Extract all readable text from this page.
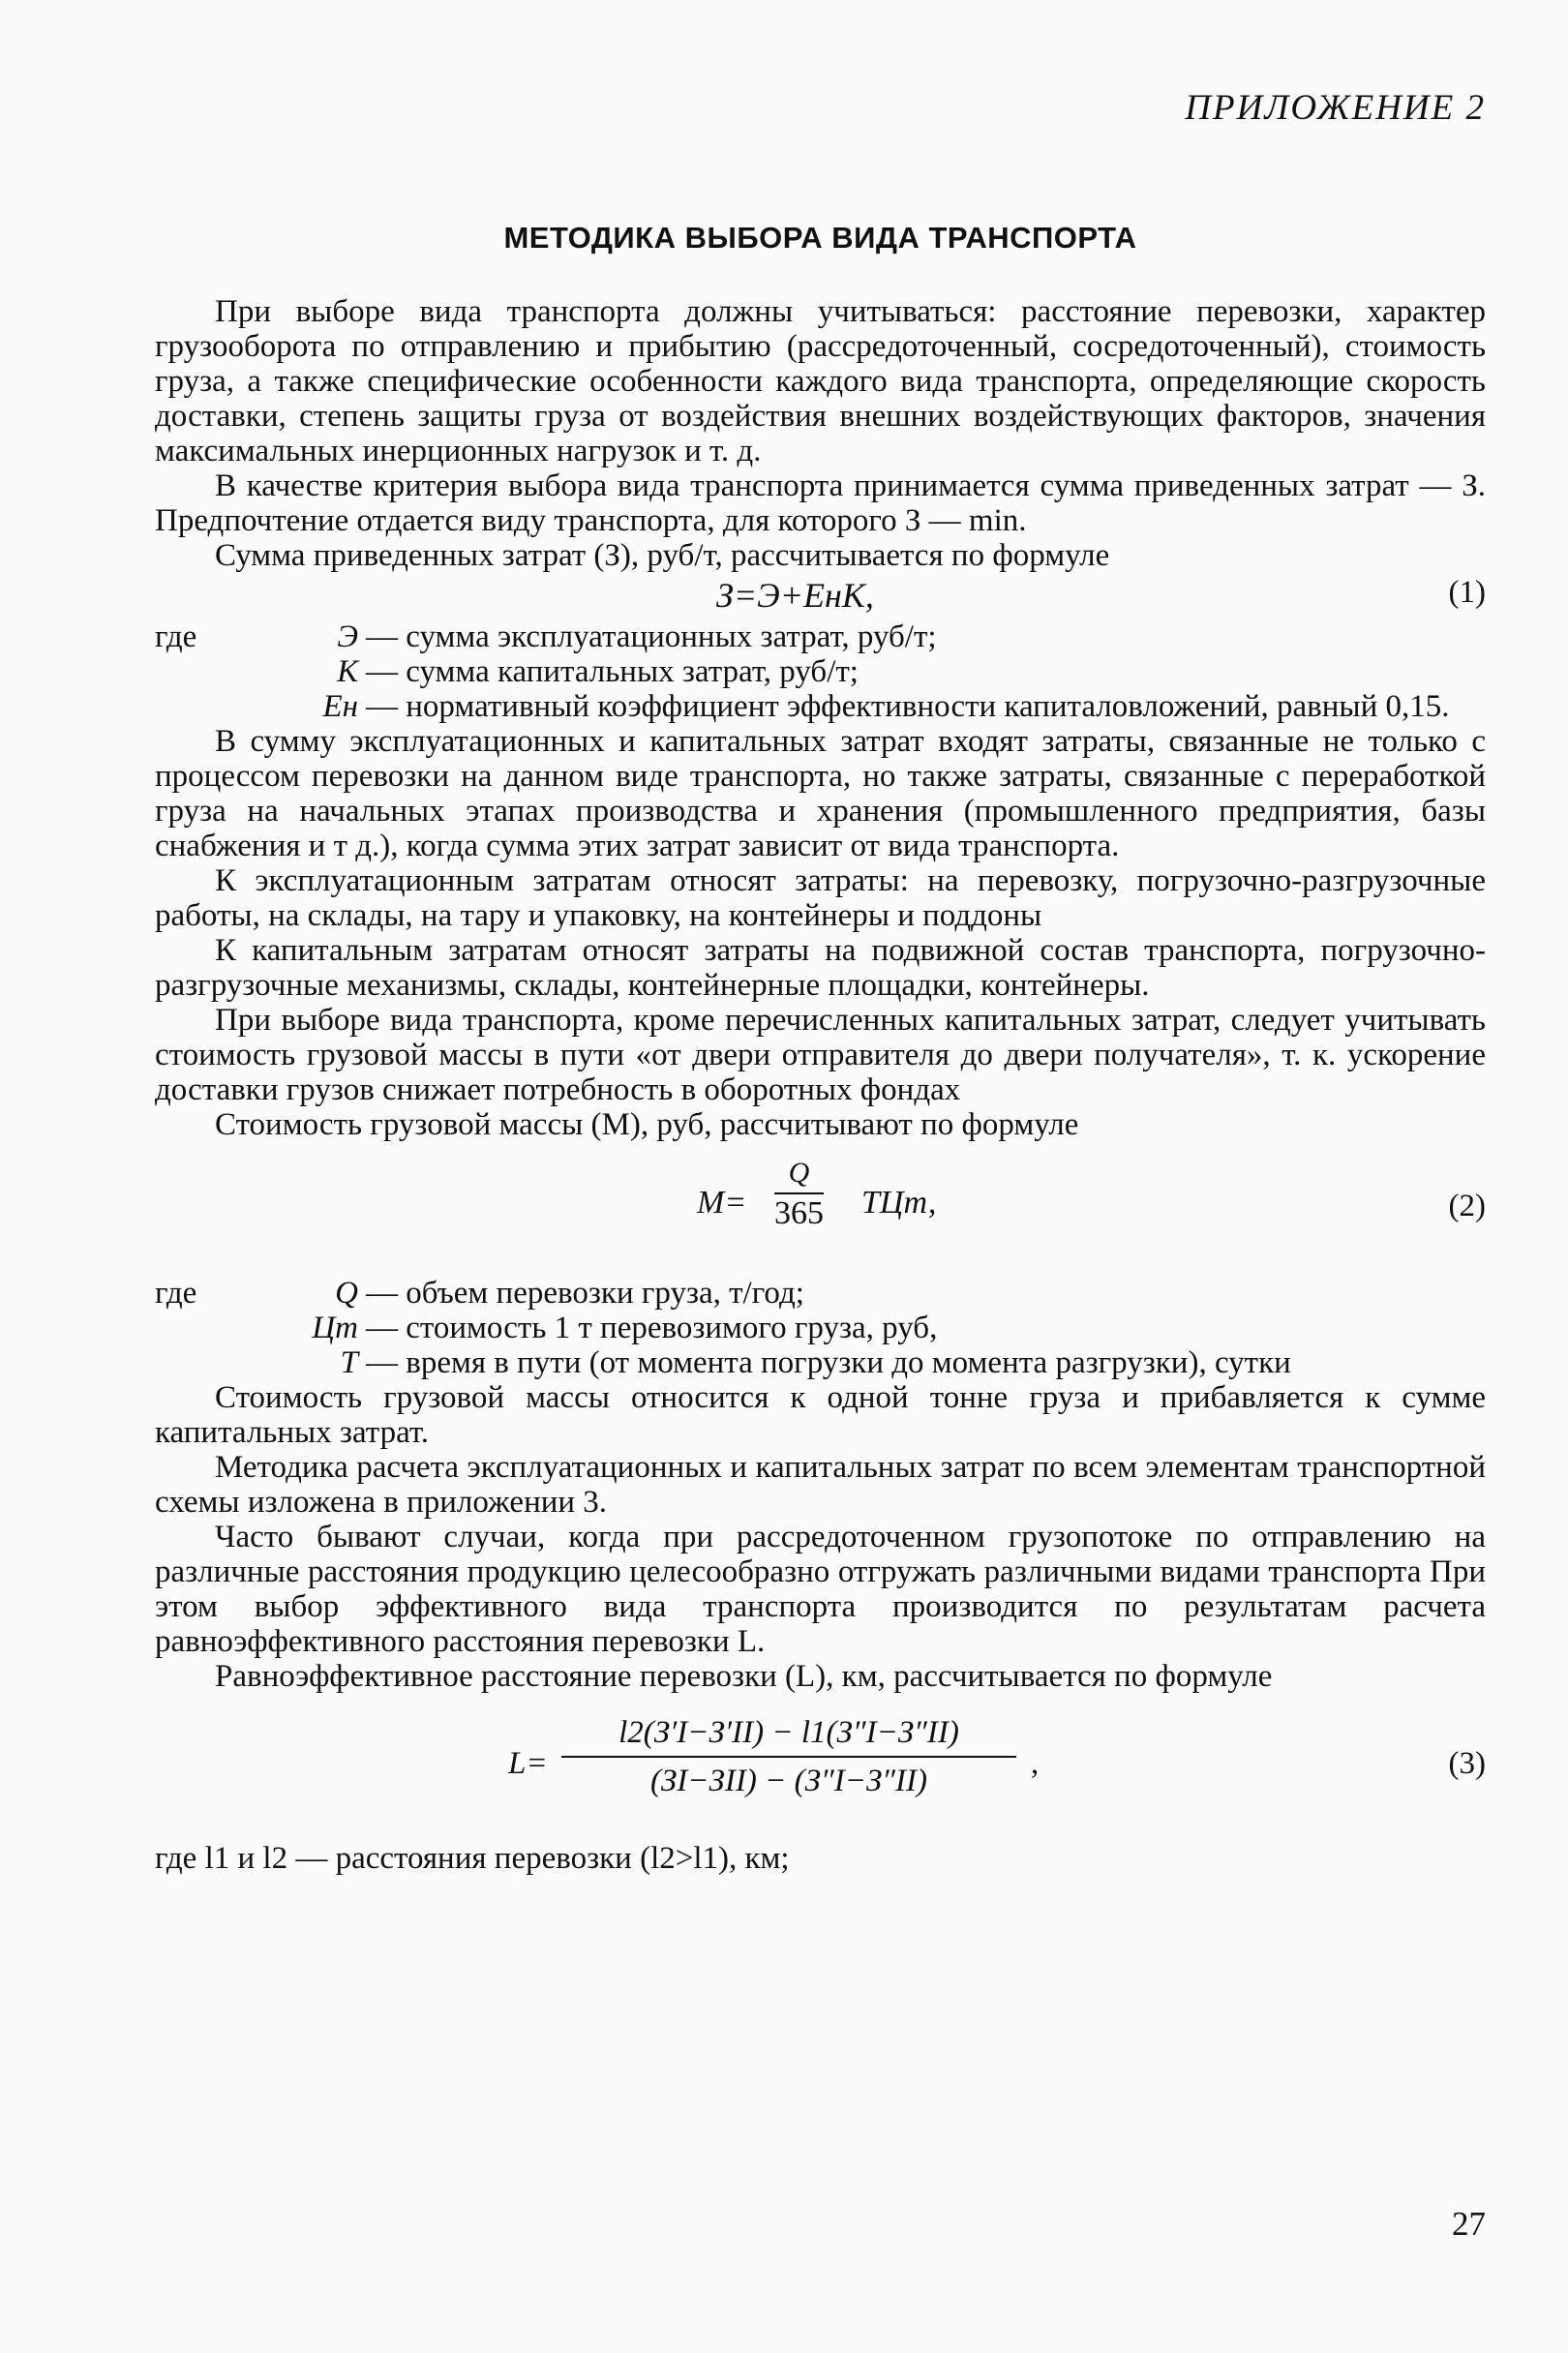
ПРИЛОЖЕНИЕ 2
МЕТОДИКА ВЫБОРА ВИДА ТРАНСПОРТА

При выборе вида транспорта должны учитываться: расстояние перевозки, характер грузооборота по отправлению и прибытию (рассредоточенный, сосредоточенный), стоимость груза, а также специфические особенности каждого вида транспорта, определяющие скорость доставки, степень защиты груза от воздействия внешних воздействующих факторов, значения максимальных инерционных нагрузок и т. д.

В качестве критерия выбора вида транспорта принимается сумма приведенных затрат — З. Предпочтение отдается виду транспорта, для которого З — min.

Сумма приведенных затрат (З), руб/т, рассчитывается по формуле

З=Э+EнK,	(1)
где	Э — сумма эксплуатационных затрат, руб/т;
К — сумма капитальных затрат, руб/т;
Eн — нормативный коэффициент эффективности капиталовложений, равный 0,15.

В сумму эксплуатационных и капитальных затрат входят затраты, связанные не только с процессом перевозки на данном виде транспорта, но также затраты, связанные с переработкой груза на начальных этапах производства и хранения (промышленного предприятия, базы снабжения и т д.), когда сумма этих затрат зависит от вида транспорта.

К эксплуатационным затратам относят затраты: на перевозку, погрузочно-разгрузочные работы, на склады, на тару и упаковку, на контейнеры и поддоны

К капитальным затратам относят затраты на подвижной состав транспорта, погрузочно-разгрузочные механизмы, склады, контейнерные площадки, контейнеры.

При выборе вида транспорта, кроме перечисленных капитальных затрат, следует учитывать стоимость грузовой массы в пути «от двери отправителя до двери получателя», т. к. ускорение доставки грузов снижает потребность в оборотных фондах

Стоимость грузовой массы (М), руб, рассчитывают по формуле

М=
Q
365 TЦт,	(2)
где	Q — объем перевозки груза, т/год;
Цт — стоимость 1 т перевозимого груза, руб,
T — время в пути (от момента погрузки до момента разгрузки), сутки

Стоимость грузовой массы относится к одной тонне груза и прибавляется к сумме капитальных затрат.

Методика расчета эксплуатационных и капитальных затрат по всем элементам транспортной схемы изложена в приложении 3.

Часто бывают случаи, когда при рассредоточенном грузопотоке по отправлению на различные расстояния продукцию целесообразно отгружать различными видами транспорта При этом выбор эффективного вида транспорта производится по результатам расчета равноэффективного расстояния перевозки L.

Равноэффективное расстояние перевозки (L), км, рассчитывается по формуле

L=
l2(З′I−З′II) − l1(З″I−З″II)
(ЗI−ЗII) − (З″I−З″II)	,	(3)
где l1 и l2 — расстояния перевозки (l2>l1), км;
27
